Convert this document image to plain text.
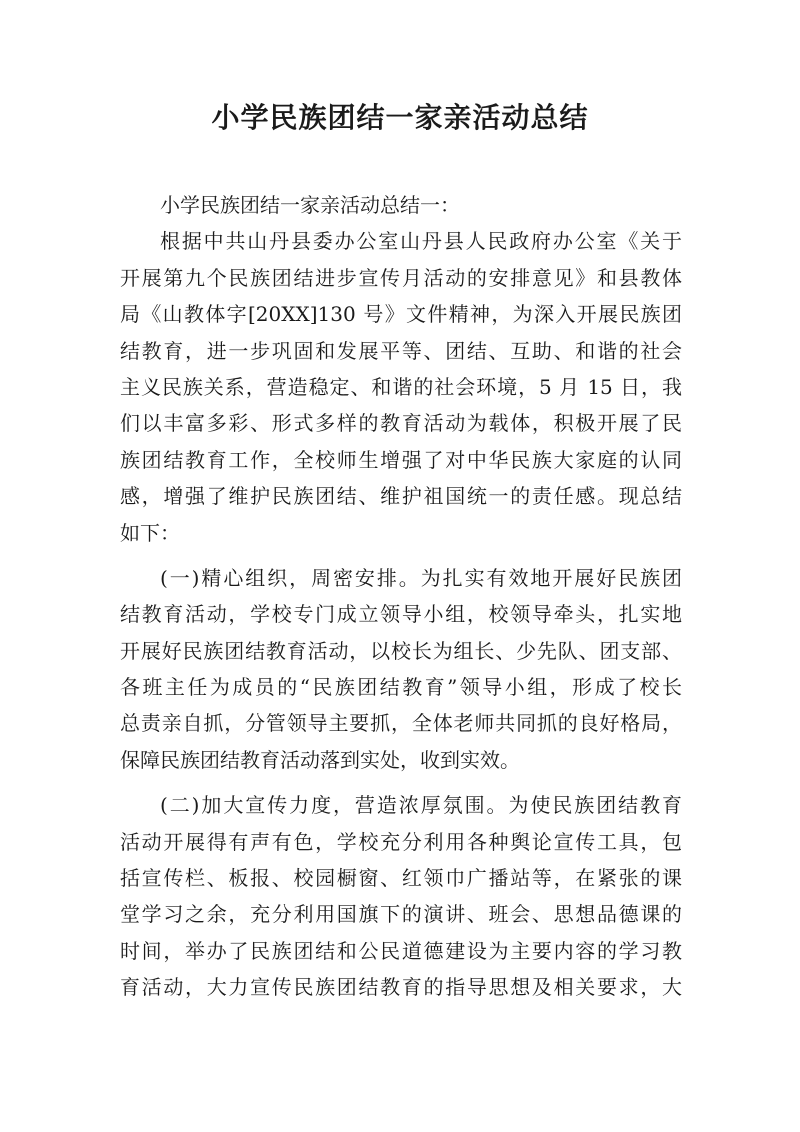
小学民族团结一家亲活动总结
小学民族团结一家亲活动总结一：
根据中共山丹县委办公室山丹县人民政府办公室《关于
开展第九个民族团结进步宣传月活动的安排意见》和县教体
局《山教体字[20XX]130 号》文件精神，为深入开展民族团
结教育，进一步巩固和发展平等、团结、互助、和谐的社会
主义民族关系，营造稳定、和谐的社会环境，5 月 15 日，我
们以丰富多彩、形式多样的教育活动为载体，积极开展了民
族团结教育工作，全校师生增强了对中华民族大家庭的认同
感，增强了维护民族团结、维护祖国统一的责任感。现总结
如下：
(一)精心组织，周密安排。为扎实有效地开展好民族团
结教育活动，学校专门成立领导小组，校领导牵头，扎实地
开展好民族团结教育活动，以校长为组长、少先队、团支部、
各班主任为成员的“民族团结教育”领导小组，形成了校长
总责亲自抓，分管领导主要抓，全体老师共同抓的良好格局，
保障民族团结教育活动落到实处，收到实效。
(二)加大宣传力度，营造浓厚氛围。为使民族团结教育
活动开展得有声有色，学校充分利用各种舆论宣传工具，包
括宣传栏、板报、校园橱窗、红领巾广播站等，在紧张的课
堂学习之余，充分利用国旗下的演讲、班会、思想品德课的
时间，举办了民族团结和公民道德建设为主要内容的学习教
育活动，大力宣传民族团结教育的指导思想及相关要求，大
